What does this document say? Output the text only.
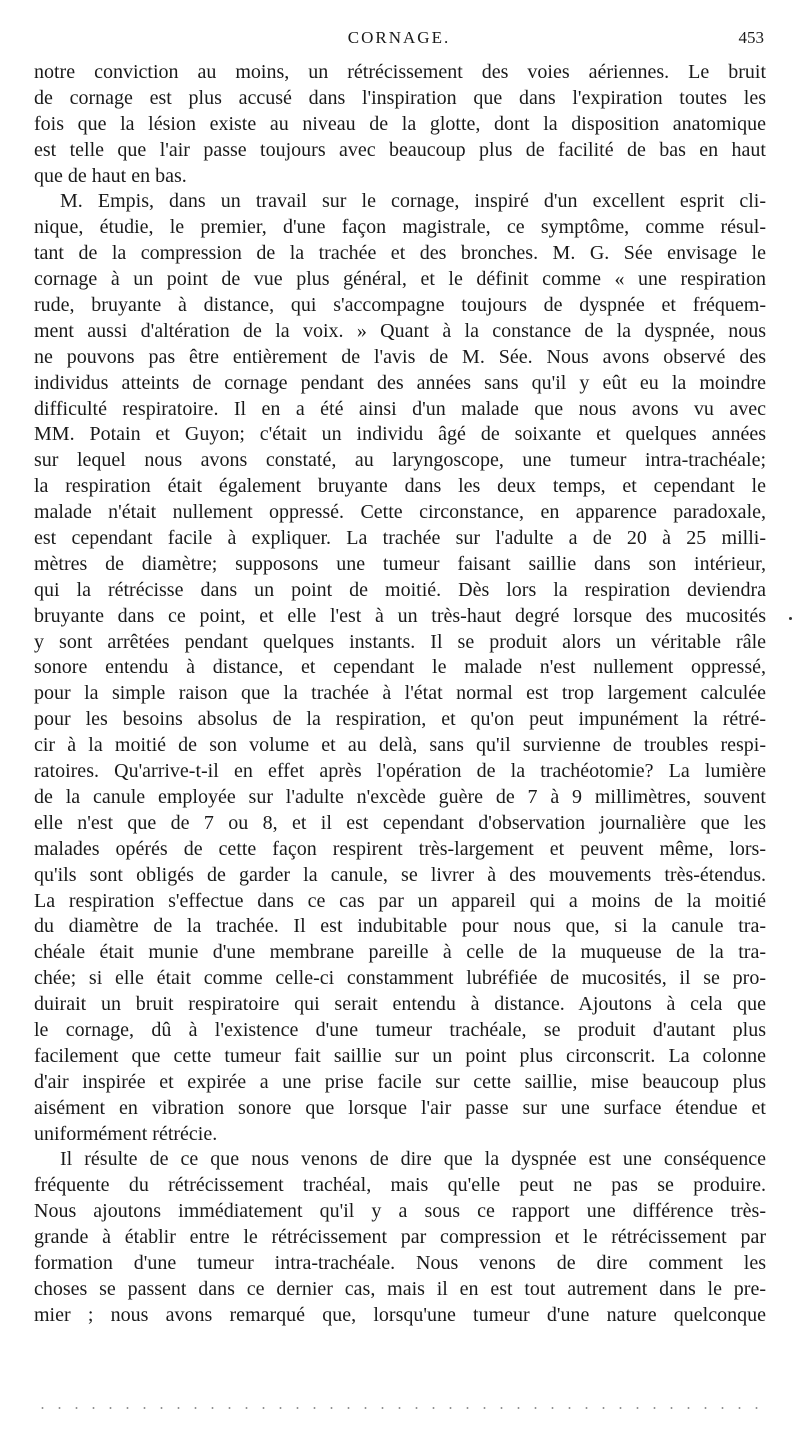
CORNAGE.	453
notre conviction au moins, un rétrécissement des voies aériennes. Le bruit
de cornage est plus accusé dans l'inspiration que dans l'expiration toutes les
fois que la lésion existe au niveau de la glotte, dont la disposition anatomique
est telle que l'air passe toujours avec beaucoup plus de facilité de bas en haut
que de haut en bas.
M. Empis, dans un travail sur le cornage, inspiré d'un excellent esprit cli-
nique, étudie, le premier, d'une façon magistrale, ce symptôme, comme résul-
tant de la compression de la trachée et des bronches. M. G. Sée envisage le
cornage à un point de vue plus général, et le définit comme « une respiration
rude, bruyante à distance, qui s'accompagne toujours de dyspnée et fréquem-
ment aussi d'altération de la voix. » Quant à la constance de la dyspnée, nous
ne pouvons pas être entièrement de l'avis de M. Sée. Nous avons observé des
individus atteints de cornage pendant des années sans qu'il y eût eu la moindre
difficulté respiratoire. Il en a été ainsi d'un malade que nous avons vu avec
MM. Potain et Guyon; c'était un individu âgé de soixante et quelques années
sur lequel nous avons constaté, au laryngoscope, une tumeur intra-trachéale;
la respiration était également bruyante dans les deux temps, et cependant le
malade n'était nullement oppressé. Cette circonstance, en apparence paradoxale,
est cependant facile à expliquer. La trachée sur l'adulte a de 20 à 25 milli-
mètres de diamètre; supposons une tumeur faisant saillie dans son intérieur,
qui la rétrécisse dans un point de moitié. Dès lors la respiration deviendra
bruyante dans ce point, et elle l'est à un très-haut degré lorsque des mucosités
y sont arrêtées pendant quelques instants. Il se produit alors un véritable râle
sonore entendu à distance, et cependant le malade n'est nullement oppressé,
pour la simple raison que la trachée à l'état normal est trop largement calculée
pour les besoins absolus de la respiration, et qu'on peut impunément la rétré-
cir à la moitié de son volume et au delà, sans qu'il survienne de troubles respi-
ratoires. Qu'arrive-t-il en effet après l'opération de la trachéotomie? La lumière
de la canule employée sur l'adulte n'excède guère de 7 à 9 millimètres, souvent
elle n'est que de 7 ou 8, et il est cependant d'observation journalière que les
malades opérés de cette façon respirent très-largement et peuvent même, lors-
qu'ils sont obligés de garder la canule, se livrer à des mouvements très-étendus.
La respiration s'effectue dans ce cas par un appareil qui a moins de la moitié
du diamètre de la trachée. Il est indubitable pour nous que, si la canule tra-
chéale était munie d'une membrane pareille à celle de la muqueuse de la tra-
chée; si elle était comme celle-ci constamment lubréfiée de mucosités, il se pro-
duirait un bruit respiratoire qui serait entendu à distance. Ajoutons à cela que
le cornage, dû à l'existence d'une tumeur trachéale, se produit d'autant plus
facilement que cette tumeur fait saillie sur un point plus circonscrit. La colonne
d'air inspirée et expirée a une prise facile sur cette saillie, mise beaucoup plus
aisément en vibration sonore que lorsque l'air passe sur une surface étendue et
uniformément rétrécie.
Il résulte de ce que nous venons de dire que la dyspnée est une conséquence
fréquente du rétrécissement trachéal, mais qu'elle peut ne pas se produire.
Nous ajoutons immédiatement qu'il y a sous ce rapport une différence très-
grande à établir entre le rétrécissement par compression et le rétrécissement par
formation d'une tumeur intra-trachéale. Nous venons de dire comment les
choses se passent dans ce dernier cas, mais il en est tout autrement dans le pre-
mier ; nous avons remarqué que, lorsqu'une tumeur d'une nature quelconque
